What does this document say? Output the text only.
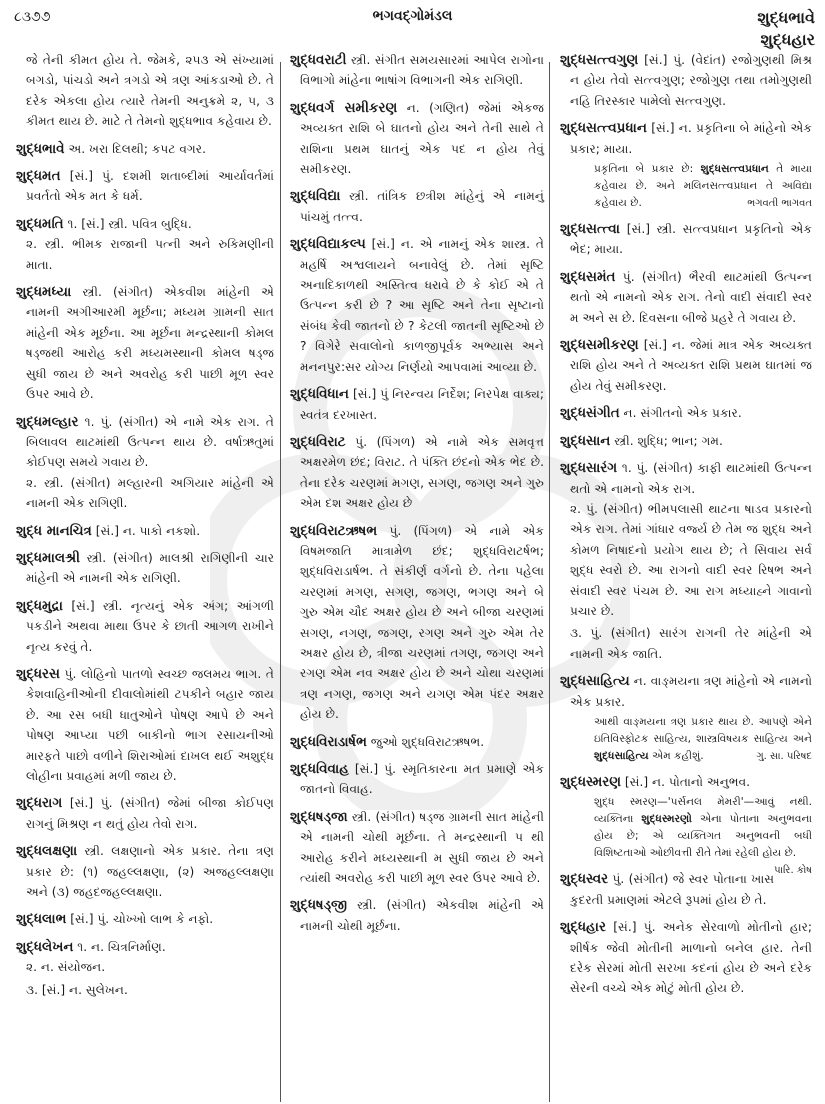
૮૩૭૭	ભગવદ્ગોમંડલ	શુદ્ધભાવે
શુદ્ધહાર
જે તેની કીમત હોય તે. જેમકે, ૨૫૩ એ સંખ્યામાં બગડો, પાંચડો અને ત્રગડો એ ત્રણ આંકડાઓ છે. તે દરેક એકલા હોય ત્યારે તેમની અનુક્રમે ૨, ૫, ૩ કીમત થાય છે. માટે તે તેમનો શુદ્ધભાવ કહેવાય છે.
શુદ્ધભાવે અ. ખરા દિલથી; કપટ વગર.
શુદ્ધમત [સં.] પું. દશમી શતાબ્દીમાં આર્યાવર્તમાં પ્રવર્તતો એક મત કે ધર્મ.
શુદ્ધમતિ ૧. [સં.] સ્ત્રી. પવિત્ર બુદ્ધિ.
૨. સ્ત્રી. ભીમક રાજાની પત્ની અને રુકિમણીની માતા.
શુદ્ધમધ્યા સ્ત્રી. (સંગીત) એકવીશ માંહેની એ નામની અગીઆરમી મૂર્છના; મધ્યમ ગ્રામની સાત માંહેની એક મૂર્છના. આ મૂર્છના મન્દ્રસ્થાની કોમલ ષડ્જથી આરોહ કરી મધ્યમસ્થાની કોમલ ષડ્જ સુધી જાય છે અને અવરોહ કરી પાછી મૂળ સ્વર ઉપર આવે છે.
શુદ્ધમલ્હાર ૧. પું. (સંગીત) એ નામે એક રાગ. તે બિલાવલ થાટમાંથી ઉત્પન્ન થાય છે. વર્ષાઋતુમાં કોઈપણ સમયે ગવાય છે.
૨. સ્ત્રી. (સંગીત) મલ્હારની અગિયાર માંહેની એ નામની એક રાગિણી.
શુદ્ધ માનચિત્ર [સં.] ન. પાકો નકશો.
શુદ્ધમાલશ્રી સ્ત્રી. (સંગીત) માલશ્રી રાગિણીની ચાર માંહેની એ નામની એક રાગિણી.
શુદ્ધમુદ્રા [સં.] સ્ત્રી. નૃત્યનું એક અંગ; આંગળી પકડીને અથવા માથા ઉપર કે છાતી આગળ રાખીને નૃત્ય કરવું તે.
શુદ્ધરસ પું. લોહિનો પાતળો સ્વચ્છ જલમય ભાગ. તે કેશવાહિનીઓની દીવાલોમાંથી ટપકીને બહાર જાય છે. આ રસ બધી ધાતુઓને પોષણ આપે છે અને પોષણ આપ્યા પછી બાકીનો ભાગ રસાયનીઓ મારફતે પાછો વળીને શિરાઓમાં દાખલ થઈ અશુદ્ધ લોહીના પ્રવાહમાં મળી જાય છે.
શુદ્ધરાગ [સં.] પું. (સંગીત) જેમાં બીજા કોઈપણ રાગનું મિશ્રણ ન થતું હોય તેવો રાગ.
શુદ્ધલક્ષણા સ્ત્રી. લક્ષણાનો એક પ્રકાર. તેના ત્રણ પ્રકાર છે: (૧) જહલ્લક્ષણા, (૨) અજહલ્લક્ષણા અને (૩) જહદજહલ્લક્ષણા.
શુદ્ધલાભ [સં.] પું. ચોખ્ખો લાભ કે નફો.
શુદ્ધલેખન ૧. ન. ચિત્રનિર્માણ.
૨. ન. સંયોજન.
૩. [સં.] ન. સુલેખન.
શુદ્ધવરાટી સ્ત્રી. સંગીત સમયસારમાં આપેલ રાગોના વિભાગો માંહેના ભાષાંગ વિભાગની એક રાગિણી.
શુદ્ધવર્ગ સમીકરણ ન. (ગણિત) જેમાં એકજ અવ્યક્ત રાશિ બે ઘાતનો હોય અને તેની સાથે તે રાશિના પ્રથમ ઘાતનું એક પદ ન હોય તેવું સમીકરણ.
શુદ્ધવિદ્યા સ્ત્રી. તાંત્રિક છત્રીશ માંહેનું એ નામનું પાંચમું તત્ત્વ.
શુદ્ધવિદ્યાકલ્પ [સં.] ન. એ નામનું એક શાસ્ત્ર. તે મહર્ષિ અશ્વલાયને બનાવેલું છે. તેમાં સૃષ્ટિ અનાદિકાળથી અસ્તિત્વ ધરાવે છે કે કોઈ એ તે ઉત્પન્ન કરી છે ? આ સૃષ્ટિ અને તેના સૃષ્ટાનો સંબંધ કેવી જાતનો છે ? કેટલી જાતની સૃષ્ટિઓ છે ? વિગેરે સવાલોનો કાળજીપૂર્વક અભ્યાસ અને મનનપુર:સર યોગ્ય નિર્ણયો આપવામાં આવ્યા છે.
શુદ્ધવિધાન [સં.] પું નિરન્વય નિર્દેશ; નિરપેક્ષ વાક્ય; સ્વતંત્ર દરખાસ્ત.
શુદ્ધવિરાટ પું. (પિંગળ) એ નામે એક સમવૃત્ત અક્ષરમેળ છંદ; વિરાટ. તે પંક્તિ છંદનો એક ભેદ છે. તેના દરેક ચરણમાં મગણ, સગણ, જગણ અને ગુરુ એમ દશ અક્ષર હોય છે
શુદ્ધવિરાટઋષભ પું. (પિંગળ) એ નામે એક વિષમજાતિ માત્રામેળ છંદ; શુદ્ધવિરાટર્ષભ; શુદ્ધવિરાડાર્ષભ. તે સંકીર્ણ વર્ગનો છે. તેના પહેલા ચરણમાં મગણ, સગણ, જગણ, ભગણ અને બે ગુરુ એમ ચૌદ અક્ષર હોય છે અને બીજા ચરણમાં સગણ, નગણ, જગણ, રગણ અને ગુરુ એમ તેર અક્ષર હોય છે, ત્રીજા ચરણમાં તગણ, જગણ અને રગણ એમ નવ અક્ષર હોય છે અને ચોથા ચરણમાં ત્રણ નગણ, જગણ અને યગણ એમ પંદર અક્ષર હોય છે.
શુદ્ધવિરાડાર્ષભ જુઓ શુદ્ધવિરાટઋષભ.
શુદ્ધવિવાહ [સં.] પું. સ્મૃતિકારના મત પ્રમાણે એક જાતનો વિવાહ.
શુદ્ધષડ્જા સ્ત્રી. (સંગીત) ષડ્જ ગ્રામની સાત માંહેની એ નામની ચોથી મૂર્છના. તે મન્દ્રસ્થાની પ થી આરોહ કરીને મધ્યસ્થાની મ સુધી જાય છે અને ત્યાંથી અવરોહ કરી પાછી મૂળ સ્વર ઉપર આવે છે.
શુદ્ધષડ્જી સ્ત્રી. (સંગીત) એકવીશ માંહેની એ નામની ચોથી મૂર્છના.
શુદ્ધસત્ત્વગુણ [સં.] પું. (વેદાંત) રજોગુણથી મિશ્ર ન હોય તેવો સત્ત્વગુણ; રજોગુણ તથા તમોગુણથી નહિ તિરસ્કાર પામેલો સત્ત્વગુણ.
શુદ્ધસત્ત્વપ્રધાન [સં.] ન. પ્રકૃતિના બે માંહેનો એક પ્રકાર; માયા.
પ્રકૃતિના બે પ્રકાર છે: શુદ્ધસત્ત્વપ્રધાન તે માયા કહેવાય છે. અને મલિનસત્ત્વપ્રધાન તે અવિદ્યા કહેવાય છે.	ભગવતી ભાગવત
શુદ્ધસત્ત્વા [સં.] સ્ત્રી. સત્ત્વપ્રધાન પ્રકૃતિનો એક ભેદ; માયા.
શુદ્ધસમંત પું. (સંગીત) ભૈરવી થાટમાંથી ઉત્પન્ન થતો એ નામનો એક રાગ. તેનો વાદી સંવાદી સ્વર મ અને સ છે. દિવસના બીજે પ્રહરે તે ગવાય છે.
શુદ્ધસમીકરણ [સં.] ન. જેમાં માત્ર એક અવ્યક્ત રાશિ હોય અને તે અવ્યક્ત રાશિ પ્રથમ ઘાતમાં જ હોય તેવું સમીકરણ.
શુદ્ધસંગીત ન. સંગીતનો એક પ્રકાર.
શુદ્ધસાન સ્ત્રી. શુદ્ધિ; ભાન; ગમ.
શુદ્ધસારંગ ૧. પું. (સંગીત) કાફી થાટમાંથી ઉત્પન્ન થતો એ નામનો એક રાગ.
૨. પું. (સંગીત) ભીમપલાસી થાટના ષાડવ પ્રકારનો એક રાગ. તેમાં ગાંધાર વર્જ્ય છે તેમ જ શુદ્ધ અને કોમળ નિષાદનો પ્રયોગ થાય છે; તે સિવાય સર્વ શુદ્ધ સ્વરો છે. આ રાગનો વાદી સ્વર રિષભ અને સંવાદી સ્વર પંચમ છે. આ રાગ મધ્યાહ્ને ગાવાનો પ્રચાર છે.
૩. પું. (સંગીત) સારંગ રાગની તેર માંહેની એ નામની એક જાતિ.
શુદ્ધસાહિત્ય ન. વાઙ્મયના ત્રણ માંહેનો એ નામનો એક પ્રકાર.
આથી વાઙ્મયના ત્રણ પ્રકાર થાય છે. આપણે એને ઇતિવિસ્ફોટક સાહિત્ય, શાસ્ત્રવિષયક સાહિત્ય અને શુદ્ધસાહિત્ય એમ કહીશું.	ગુ. સા. પરિષદ
શુદ્ધસ્મરણ [સં.] ન. પોતાનો અનુભવ.
શુદ્ધ સ્મરણ—'પર્સનલ મેમરી'—આવું નથી. વ્યક્તિના શુદ્ધસ્મરણો એના પોતાના અનુભવના હોય છે; એ વ્યક્તિગત અનુભવની બધી વિશિષ્ટતાઓ ઓછીવત્તી રીતે તેમાં રહેલી હોય છે.
પારિ. કોષ
શુદ્ધસ્વર પું. (સંગીત) જે સ્વર પોતાના ખાસ કુદરતી પ્રમાણમાં એટલે રૂપમાં હોય છે તે.
શુદ્ધહાર [સં.] પું. અનેક સેરવાળો મોતીનો હાર; શીર્ષક જેવી મોતીની માળાનો બનેલ હાર. તેની દરેક સેરમાં મોતી સરખા કદનાં હોય છે અને દરેક સેરની વચ્ચે એક મોટું મોતી હોય છે.
